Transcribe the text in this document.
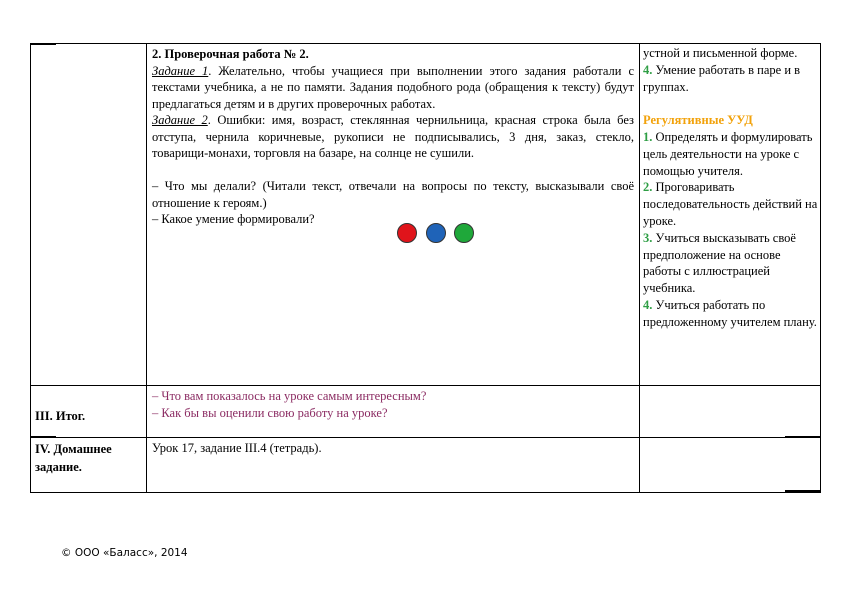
2. Проверочная работа № 2.

Задание 1. Желательно, чтобы учащиеся при выполнении этого задания работали с текстами учебника, а не по памяти. Задания подобного рода (обращения к тексту) будут предлагаться детям и в других проверочных работах.

Задание 2. Ошибки: имя, возраст, стеклянная чернильница, красная строка была без отступа, чернила коричневые, рукописи не подписывались, 3 дня, заказ, стекло, товарищи-монахи, торговля на базаре, на солнце не сушили.

– Что мы делали? (Читали текст, отвечали на вопросы по тексту, высказывали своё отношение к героям.)

– Какое умение формировали?

устной и письменной форме.

4. Умение работать в паре и в группах.

Регулятивные УУД

1. Определять и формулировать цель деятельности на уроке с помощью учителя.

2. Проговаривать последовательность действий на уроке.

3. Учиться высказывать своё предположение на основе работы с иллюстрацией учебника.

4. Учиться работать по предложенному учителем плану.

III. Итог.

– Что вам показалось на уроке самым интересным?

– Как бы вы оценили свою работу на уроке?

IV. Домашнее задание.
Урок 17, задание III.4 (тетрадь).
© ООО «Баласс», 2014
